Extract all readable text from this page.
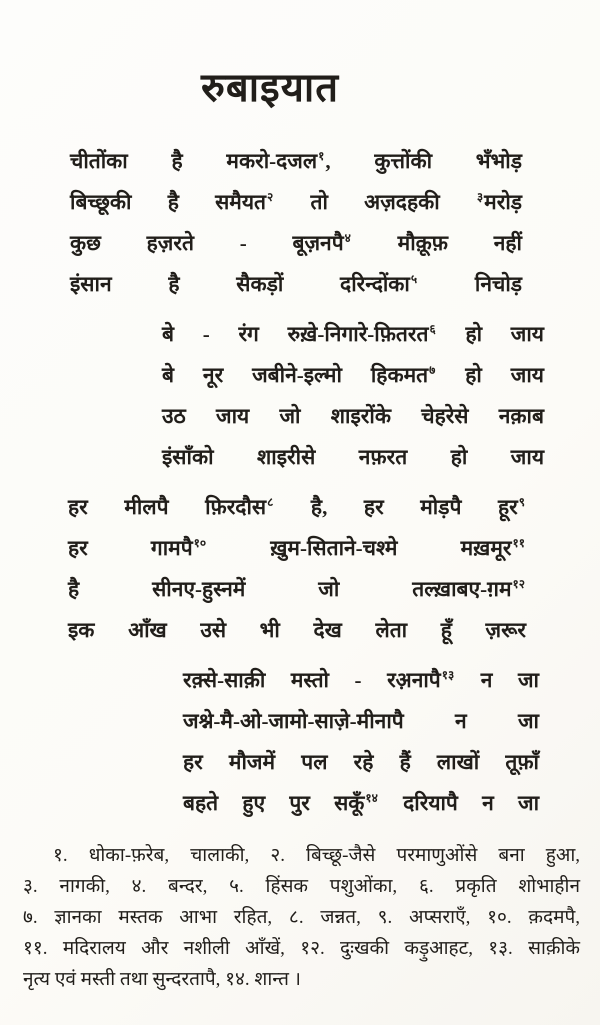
रुबाइयात
चीतोंका है मकरो-दजल$^१$, कुत्तोंकी भँभोड़
बिच्छूकी है समैयत$^२$ तो अज़दहकी $^३$मरोड़
कुछ हज़रते - बूज़नपै$^४$ मौक़ूफ़ नहीं
इंसान है सैकड़ों दरिन्दोंका$^५$ निचोड़
बे - रंग रुख़े-निगारे-फ़ितरत$^६$ हो जाय
बे नूर जबीने-इल्मो हिकमत$^७$ हो जाय
उठ जाय जो शाइरोंके चेहरेसे नक़ाब
इंसाँको शाइरीसे नफ़रत हो जाय
हर मीलपै फ़िरदौस$^८$ है, हर मोड़पै हूर$^९$
हर गामपै$^{१०}$ ख़ुम-सिताने-चश्मे मख़मूर$^{११}$
है सीनए-हुस्नमें जो तल्ख़ाबए-ग़म$^{१२}$
इक आँख उसे भी देख लेता हूँ ज़रूर
रक़्से-साक़ी मस्तो - रअ़नापै$^{१३}$ न जा
जश्ने-मै-ओ-जामो-साज़े-मीनापै न जा
हर मौजमें पल रहे हैं लाखों तूफ़ाँ
बहते हुए पुर सकूँ$^{१४}$ दरियापै न जा
१. धोका-फ़रेब, चालाकी, २. बिच्छू-जैसे परमाणुओंसे बना हुआ,
३. नागकी, ४. बन्दर, ५. हिंसक पशुओंका, ६. प्रकृति शोभाहीन
७. ज्ञानका मस्तक आभा रहित, ८. जन्नत, ९. अप्सराएँ, १०. क़दमपै,
११. मदिरालय और नशीली आँखें, १२. दुःखकी कड़ुआहट, १३. साक़ीके
नृत्य एवं मस्ती तथा सुन्दरतापै, १४. शान्त ।
